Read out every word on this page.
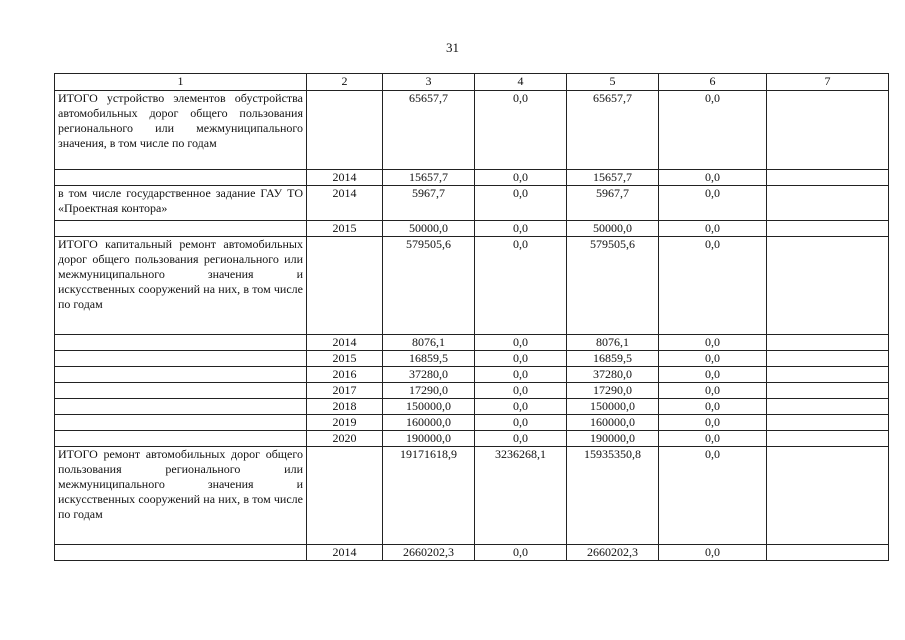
31
1	2	3	4	5	6	7
ИТОГО устройство элементов обустройства автомобильных дорог общего пользования регионального или межмуниципального значения, в том числе по годам		65657,7	0,0	65657,7	0,0	
	2014	15657,7	0,0	15657,7	0,0	
в том числе государственное задание ГАУ ТО «Проектная контора»	2014	5967,7	0,0	5967,7	0,0	
	2015	50000,0	0,0	50000,0	0,0	
ИТОГО капитальный ремонт автомобильных дорог общего пользования регионального или межмуниципального значения и искусственных сооружений на них, в том числе по годам		579505,6	0,0	579505,6	0,0	
	2014	8076,1	0,0	8076,1	0,0	
	2015	16859,5	0,0	16859,5	0,0	
	2016	37280,0	0,0	37280,0	0,0	
	2017	17290,0	0,0	17290,0	0,0	
	2018	150000,0	0,0	150000,0	0,0	
	2019	160000,0	0,0	160000,0	0,0	
	2020	190000,0	0,0	190000,0	0,0	
ИТОГО ремонт автомобильных дорог общего пользования регионального или межмуниципального значения и искусственных сооружений на них, в том числе по годам		19171618,9	3236268,1	15935350,8	0,0	
	2014	2660202,3	0,0	2660202,3	0,0	
